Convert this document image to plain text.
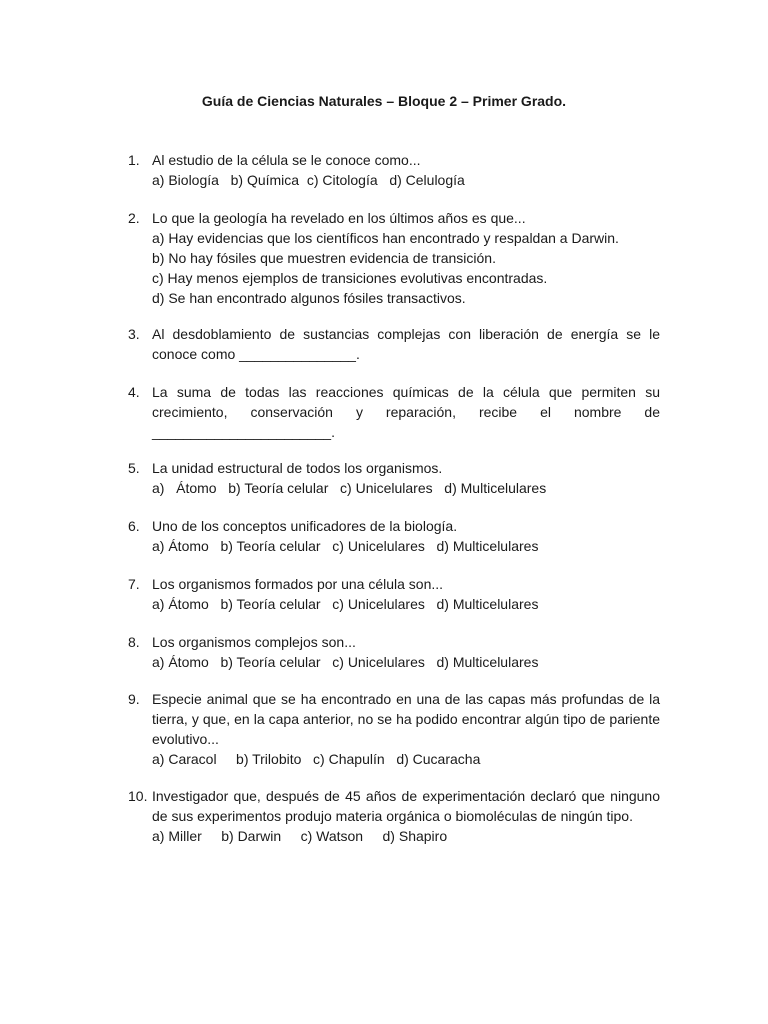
Guía de Ciencias Naturales – Bloque 2 – Primer Grado.
1. Al estudio de la célula se le conoce como...

a) Biología   b) Química  c) Citología   d) Celulogía

2. Lo que la geología ha revelado en los últimos años es que...

a) Hay evidencias que los científicos han encontrado y respaldan a Darwin.

b) No hay fósiles que muestren evidencia de transición.

c) Hay menos ejemplos de transiciones evolutivas encontradas.

d) Se han encontrado algunos fósiles transactivos.

3. Al desdoblamiento de sustancias complejas con liberación de energía se le conoce como _______________.

4. La suma de todas las reacciones químicas de la célula que permiten su crecimiento, conservación y reparación, recibe el nombre de _______________________.

5. La unidad estructural de todos los organismos.

a)   Átomo   b) Teoría celular   c) Unicelulares   d) Multicelulares

6. Uno de los conceptos unificadores de la biología.

a) Átomo   b) Teoría celular   c) Unicelulares   d) Multicelulares

7. Los organismos formados por una célula son...

a) Átomo   b) Teoría celular   c) Unicelulares   d) Multicelulares

8. Los organismos complejos son...

a) Átomo   b) Teoría celular   c) Unicelulares   d) Multicelulares

9. Especie animal que se ha encontrado en una de las capas más profundas de la tierra, y que, en la capa anterior, no se ha podido encontrar algún tipo de pariente evolutivo...

a) Caracol     b) Trilobito   c) Chapulín   d) Cucaracha

10. Investigador que, después de 45 años de experimentación declaró que ninguno de sus experimentos produjo materia orgánica o biomoléculas de ningún tipo.

a) Miller     b) Darwin     c) Watson     d) Shapiro
